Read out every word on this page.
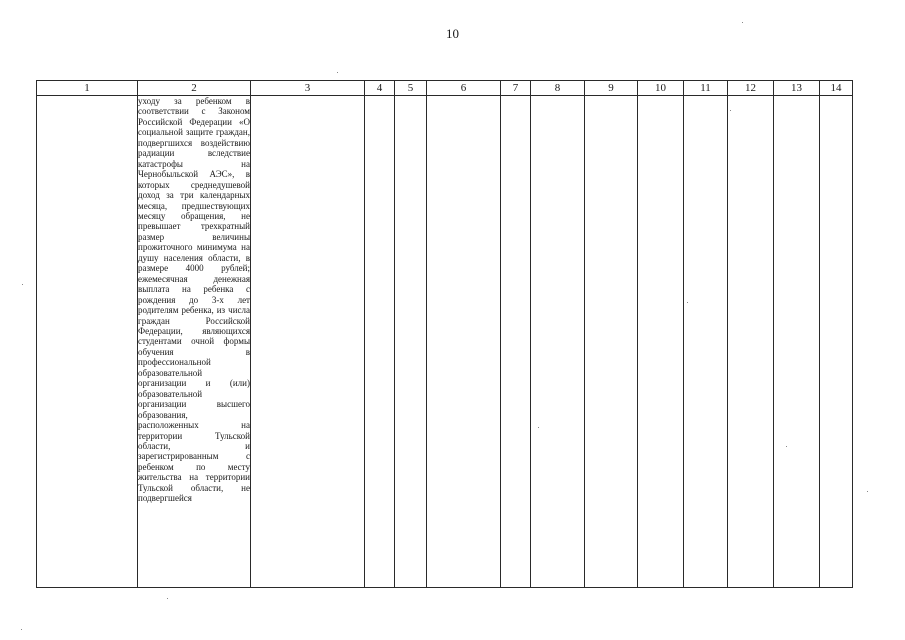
10
1	2	3	4	5	6	7	8	9	10	11	12	13	14

	уходу за ребенком в соответствии с Законом Российской Федерации «О социальной защите граждан, подвергшихся воздействию радиации вследствие катастрофы на Чернобыльской АЭС», в которых среднедушевой доход за три календарных месяца, предшествующих месяцу обращения, не превышает трехкратный размер величины прожиточного минимума на душу населения области, в размере 4000 рублей; ежемесячная денежная выплата на ребенка с рождения до 3-х лет родителям ребенка, из числа граждан Российской Федерации, являющихся студентами очной формы обучения в профессиональной образовательной организации и (или) образовательной организации высшего образования, расположенных на территории Тульской области, и зарегистрированным с ребенком по месту жительства на территории Тульской области, не подвергшейся												
